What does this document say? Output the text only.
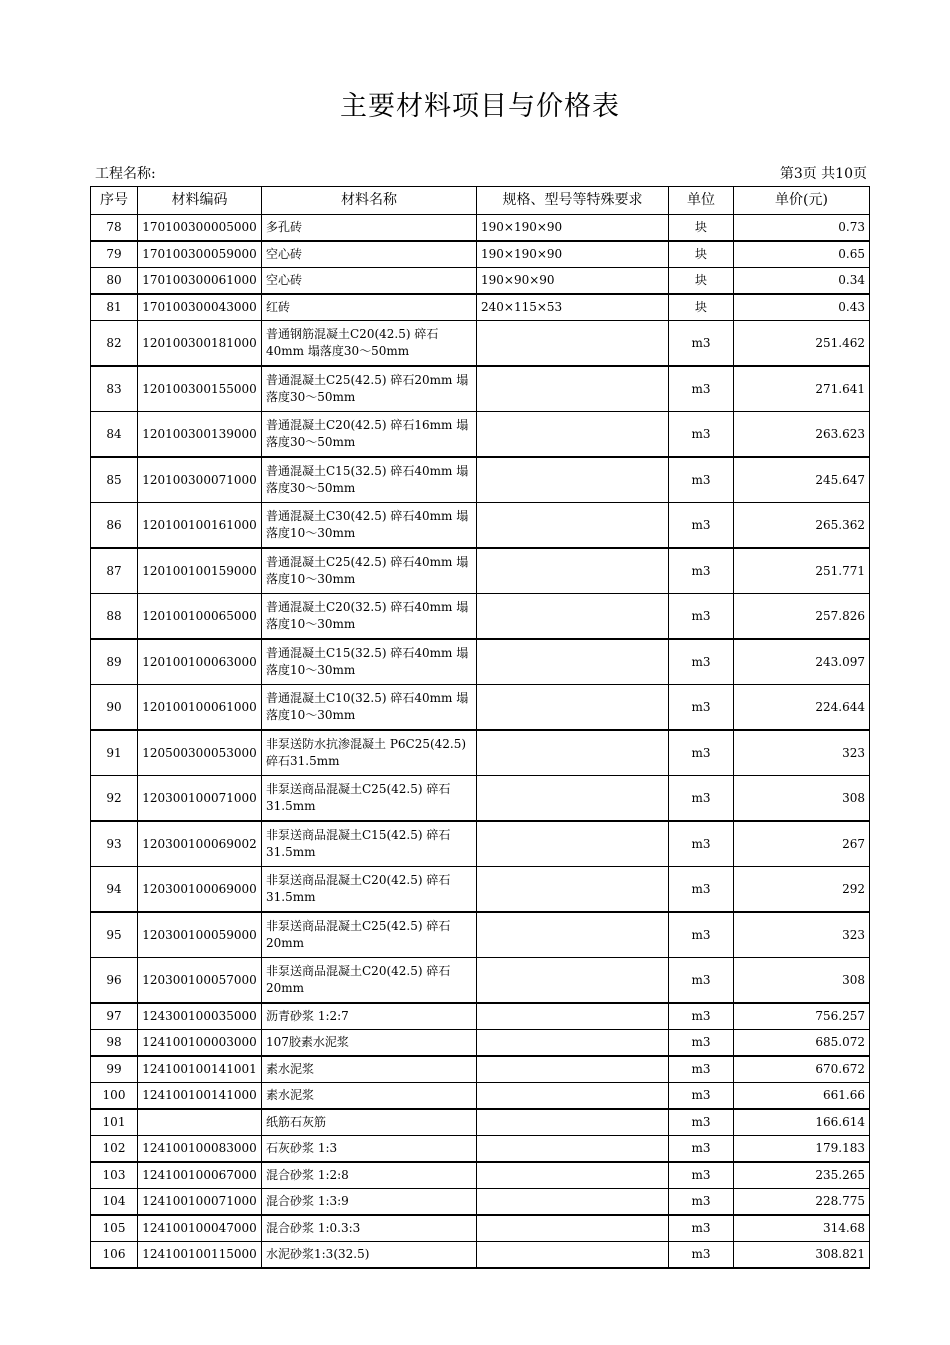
主要材料项目与价格表
工程名称:	第3页 共10页
序号	材料编码	材料名称	规格、型号等特殊要求	单位	单价(元)
78	170100300005000	多孔砖	190×190×90	块	0.73
79	170100300059000	空心砖	190×190×90	块	0.65
80	170100300061000	空心砖	190×90×90	块	0.34
81	170100300043000	红砖	240×115×53	块	0.43
82	120100300181000	普通钢筋混凝土C20(42.5) 碎石40mm 塌落度30～50mm		m3	251.462
83	120100300155000	普通混凝土C25(42.5) 碎石20mm 塌落度30～50mm		m3	271.641
84	120100300139000	普通混凝土C20(42.5) 碎石16mm 塌落度30～50mm		m3	263.623
85	120100300071000	普通混凝土C15(32.5) 碎石40mm 塌落度30～50mm		m3	245.647
86	120100100161000	普通混凝土C30(42.5) 碎石40mm 塌落度10～30mm		m3	265.362
87	120100100159000	普通混凝土C25(42.5) 碎石40mm 塌落度10～30mm		m3	251.771
88	120100100065000	普通混凝土C20(32.5) 碎石40mm 塌落度10～30mm		m3	257.826
89	120100100063000	普通混凝土C15(32.5) 碎石40mm 塌落度10～30mm		m3	243.097
90	120100100061000	普通混凝土C10(32.5) 碎石40mm 塌落度10～30mm		m3	224.644
91	120500300053000	非泵送防水抗渗混凝土 P6C25(42.5) 碎石31.5mm		m3	323
92	120300100071000	非泵送商品混凝土C25(42.5) 碎石31.5mm		m3	308
93	120300100069002	非泵送商品混凝土C15(42.5) 碎石31.5mm		m3	267
94	120300100069000	非泵送商品混凝土C20(42.5) 碎石31.5mm		m3	292
95	120300100059000	非泵送商品混凝土C25(42.5) 碎石20mm		m3	323
96	120300100057000	非泵送商品混凝土C20(42.5) 碎石20mm		m3	308
97	124300100035000	沥青砂浆 1:2:7		m3	756.257
98	124100100003000	107胶素水泥浆		m3	685.072
99	124100100141001	素水泥浆		m3	670.672
100	124100100141000	素水泥浆		m3	661.66
101		纸筋石灰筋		m3	166.614
102	124100100083000	石灰砂浆 1:3		m3	179.183
103	124100100067000	混合砂浆 1:2:8		m3	235.265
104	124100100071000	混合砂浆 1:3:9		m3	228.775
105	124100100047000	混合砂浆 1:0.3:3		m3	314.68
106	124100100115000	水泥砂浆1:3(32.5)		m3	308.821
